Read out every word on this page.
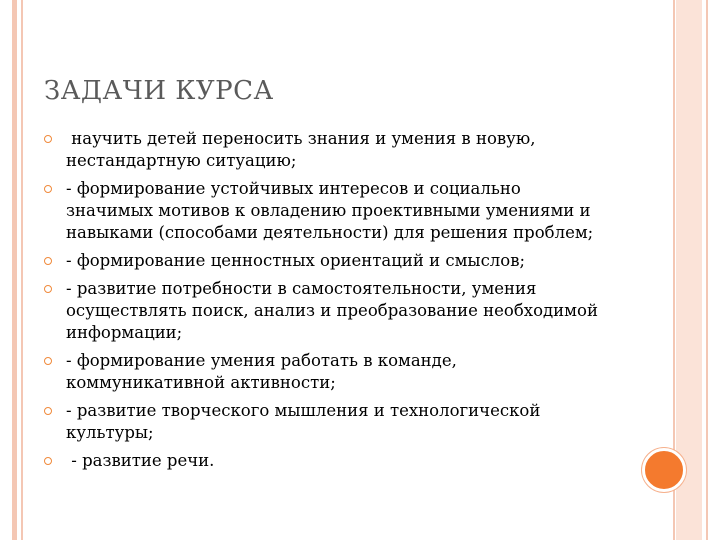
ЗАДАЧИ КУРСА
научить детей переносить знания и умения в новую, нестандартную ситуацию;
- формирование устойчивых интересов и социально значимых мотивов к овладению проективными умениями и навыками (способами деятельности) для решения проблем;
- формирование ценностных ориентаций и смыслов;
- развитие потребности в самостоятельности, умения осуществлять поиск, анализ и преобразование необходимой информации;
- формирование умения работать в команде, коммуникативной активности;
- развитие творческого мышления и технологической культуры;
- развитие речи.
